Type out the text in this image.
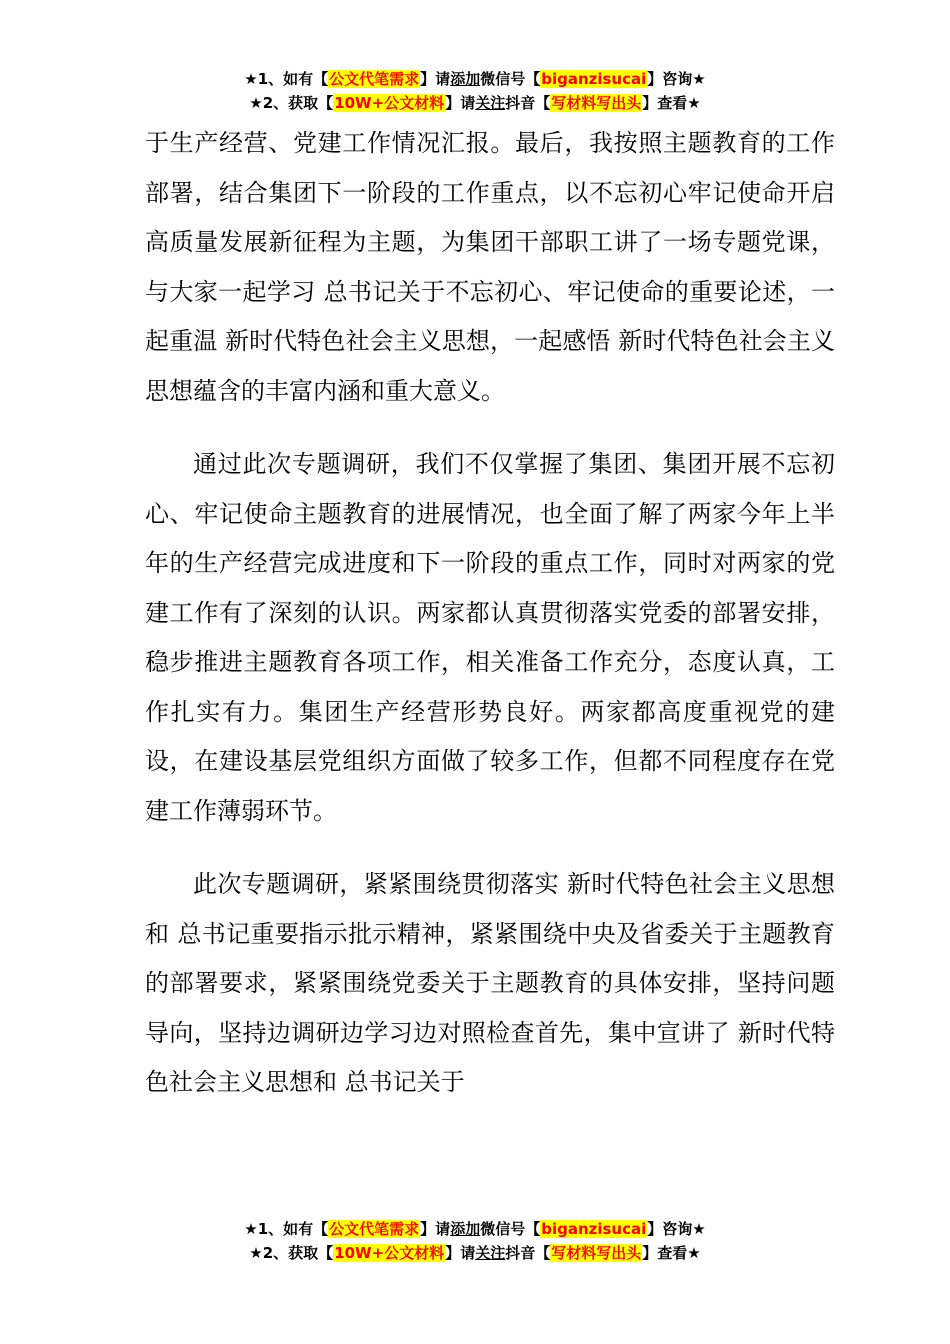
★1、如有【公文代笔需求】请添加微信号【biganzisucai】咨询★
★2、获取【10W+公文材料】请关注抖音【写材料写出头】查看★

于生产经营、党建工作情况汇报。最后，我按照主题教育的工作部署，结合集团下一阶段的工作重点，以不忘初心牢记使命开启高质量发展新征程为主题，为集团干部职工讲了一场专题党课，与大家一起学习 总书记关于不忘初心、牢记使命的重要论述，一起重温 新时代特色社会主义思想，一起感悟 新时代特色社会主义思想蕴含的丰富内涵和重大意义。

通过此次专题调研，我们不仅掌握了集团、集团开展不忘初心、牢记使命主题教育的进展情况，也全面了解了两家今年上半年的生产经营完成进度和下一阶段的重点工作，同时对两家的党建工作有了深刻的认识。两家都认真贯彻落实党委的部署安排，稳步推进主题教育各项工作，相关准备工作充分，态度认真，工作扎实有力。集团生产经营形势良好。两家都高度重视党的建设，在建设基层党组织方面做了较多工作，但都不同程度存在党建工作薄弱环节。

此次专题调研，紧紧围绕贯彻落实 新时代特色社会主义思想和 总书记重要指示批示精神，紧紧围绕中央及省委关于主题教育的部署要求，紧紧围绕党委关于主题教育的具体安排，坚持问题导向，坚持边调研边学习边对照检查首先，集中宣讲了 新时代特色社会主义思想和 总书记关于

★1、如有【公文代笔需求】请添加微信号【biganzisucai】咨询★
★2、获取【10W+公文材料】请关注抖音【写材料写出头】查看★
